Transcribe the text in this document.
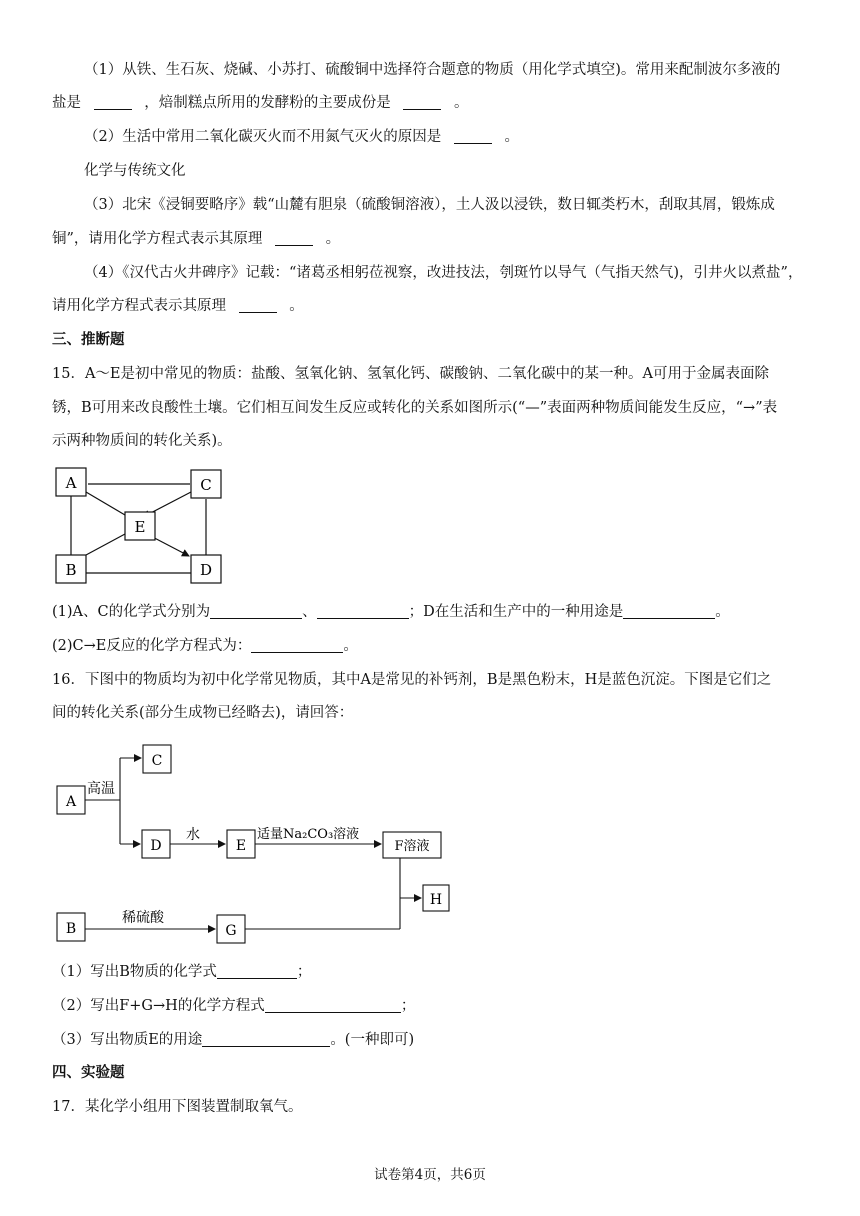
（1）从铁、生石灰、烧碱、小苏打、硫酸铜中选择符合题意的物质（用化学式填空)。常用来配制波尔多液的
盐是	，焙制糕点所用的发酵粉的主要成份是	。
（2）生活中常用二氧化碳灭火而不用氮气灭火的原因是	。
化学与传统文化
（3）北宋《浸铜要略序》载“山麓有胆泉（硫酸铜溶液），土人汲以浸铁，数日辄类朽木，刮取其屑，锻炼成
铜”，请用化学方程式表示其原理	。
（4）《汉代古火井碑序》记载：“诸葛丞相躬莅视察，改进技法，刳斑竹以导气（气指天然气)，引井火以煮盐”，
请用化学方程式表示其原理	。
三、推断题
15．A～E是初中常见的物质：盐酸、氢氧化钠、氢氧化钙、碳酸钠、二氧化碳中的某一种。A可用于金属表面除
锈，B可用来改良酸性土壤。它们相互间发生反应或转化的关系如图所示(“—”表面两种物质间能发生反应，“→”表
示两种物质间的转化关系)。
A	C
E
B	D
(1)A、C的化学式分别为	、	；D在生活和生产中的一种用途是	。
(2)C→E反应的化学方程式为：	。
16．下图中的物质均为初中化学常见物质，其中A是常见的补钙剂，B是黑色粉末，H是蓝色沉淀。下图是它们之
间的转化关系(部分生成物已经略去)，请回答：
A
C
D	E	F溶液
H
B	G
高温
水	适量Na₂CO₃溶液
稀硫酸
（1）写出B物质的化学式	；
（2）写出F+G→H的化学方程式	；
（3）写出物质E的用途	。(一种即可)
四、实验题
17．某化学小组用下图装置制取氧气。
试卷第4页，共6页
